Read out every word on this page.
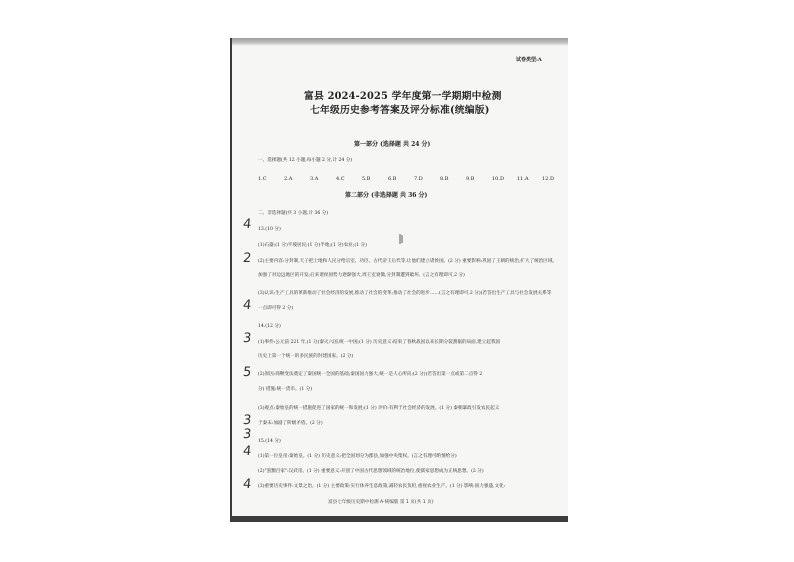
试卷类型:A
富县 2024-2025 学年度第一学期期中检测
七年级历史参考答案及评分标准(统编版)
第一部分 (选择题 共 24 分)
一、选择题(共 12 小题,每小题 2 分,计 24 分)
1.C	2.A	3.A	4.C	5.B	6.B	7.D	8.B	9.B	10.D	11.A	12.D
第二部分 (非选择题 共 36 分)
二、非选择题(共 3 小题,计 36 分)
13.(10 分)
(1)石器;(1 分)半坡居民;(1 分)半地;(1 分)农业;(1 分)
(2)主要内容:分封制,天子把土地和人民分给宗室、功臣、古代帝王后代等,让他们建立诸侯国。(2 分) 重要影响:巩固了王朝的统治,扩大了统治区域。
加强了对边远地区的开发;后来诸侯国势力逐渐强大,周王室衰微,分封制遭到破坏。(言之有理即可,2 分)
(3)认识:生产工具的革新推动了社会经济的发展,推动了社会的变革;推动了社会的进步……(言之有理即可,2 分)(若答出生产工具与社会发展关系等
一点即可得 2 分)
14.(12 分)
(1)事件:公元前 221 年,(1 分)秦灭六国,统一中国;(1 分) 历史意义:结束了春秋战国以来长期分裂割据的局面,建立起我国
历史上第一个统一的多民族的封建国家。(2 分)
(2)原因:商鞅变法奠定了秦国统一全国的基础;秦国国力强大,统一是人心所向;(2 分)(若答出第一点或第二点得 2
分) 措施:统一货币。(1 分)
(3)观点:秦始皇的统一措施促进了国家的统一和发展;(1 分) 评价:有利于社会经济的发展。(1 分) 秦朝暴政引发农民起义
于秦末:加剧了阶级矛盾。(2 分)
15.(14 分)
(1)第一位皇帝:秦始皇。(1 分) 历史意义:把全国划分为郡县,加强中央集权。(言之有理可酌情给分)
(2)"罢黜百家":汉武帝。(1 分) 重要意义:开创了中国古代思想领域的统治地位,使儒家思想成为正统思想。(2 分)
(3)重要历史事件:文景之治。(1 分) 主要政策:实行休养生息政策,减轻农民负担,重视农业生产。(1 分) 影响:国力强盛,文化:
富县七年级历史期中检测 A·统编版 第 1 页(共 1 页)
4
2
4
3
5
3
3
4
4
